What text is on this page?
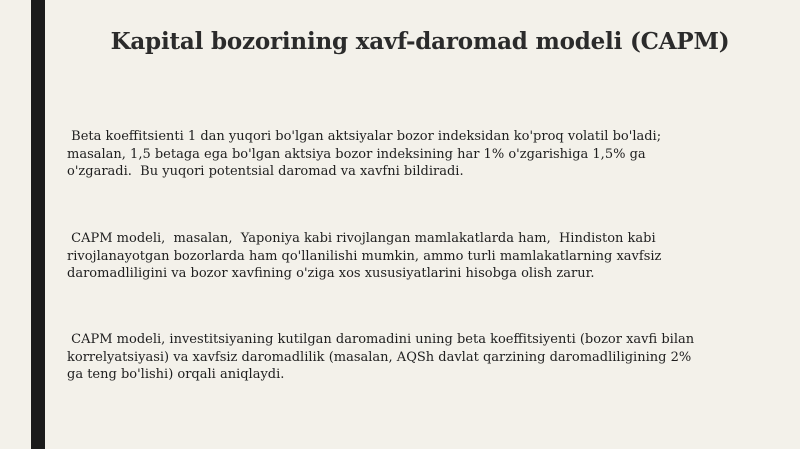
Kapital bozorining xavf-daromad modeli (CAPM)
Beta koeffitsienti 1 dan yuqori bo'lgan aktsiyalar bozor indeksidan ko'proq volatil bo'ladi;
masalan, 1,5 betaga ega bo'lgan aktsiya bozor indeksining har 1% o'zgarishiga 1,5% ga
o'zgaradi.  Bu yuqori potentsial daromad va xavfni bildiradi.
CAPM modeli,  masalan,  Yaponiya kabi rivojlangan mamlakatlarda ham,  Hindiston kabi
rivojlanayotgan bozorlarda ham qo'llanilishi mumkin, ammo turli mamlakatlarning xavfsiz
daromadliligini va bozor xavfining o'ziga xos xususiyatlarini hisobga olish zarur.
CAPM modeli, investitsiyaning kutilgan daromadini uning beta koeffitsiyenti (bozor xavfi bilan
korrelyatsiyasi) va xavfsiz daromadlilik (masalan, AQSh davlat qarzining daromadliligining 2%
ga teng bo'lishi) orqali aniqlaydi.
